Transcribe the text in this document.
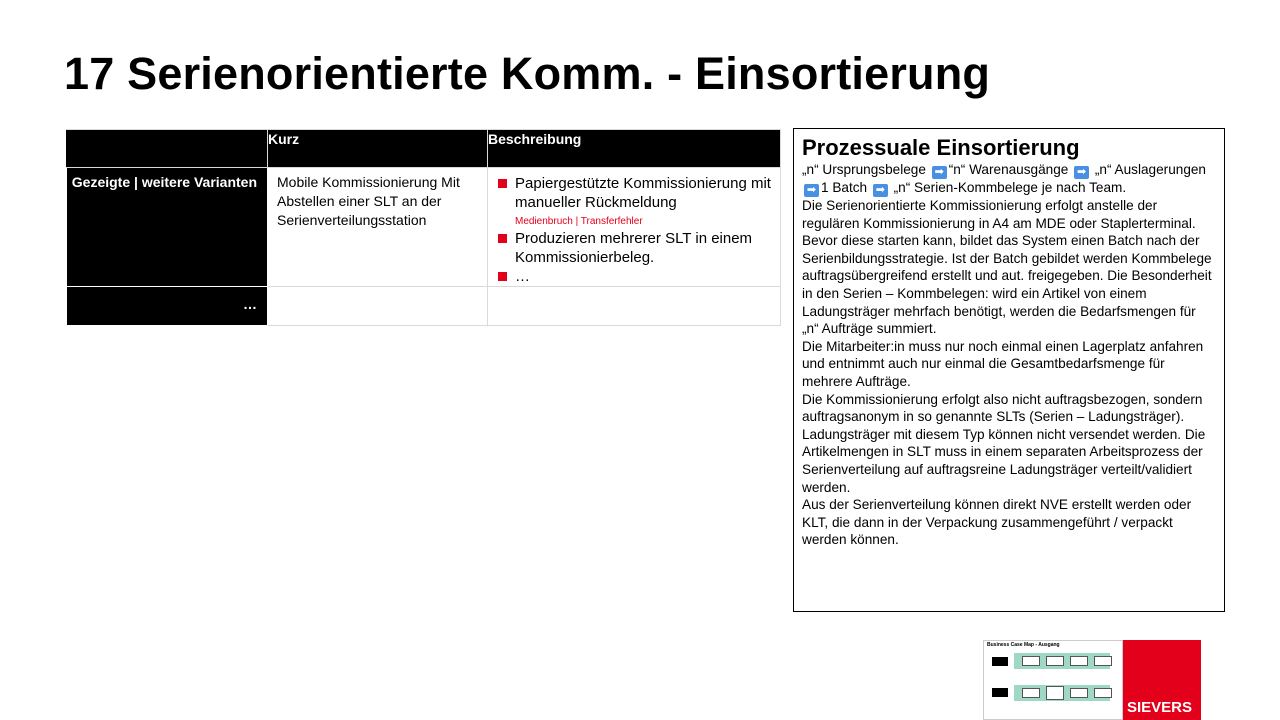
17 Serienorientierte Komm. - Einsortierung
	Kurz	Beschreibung
Gezeigte | weitere Varianten	Mobile Kommissionierung Mit Abstellen einer SLT an der Serienverteilungsstation	Papiergestützte Kommissionierung mit manueller Rückmeldung
Medienbruch | Transferfehler
Produzieren mehrerer SLT in einem Kommissionierbeleg.
…

…		
Prozessuale Einsortierung
„n“ Ursprungsbelege ➡ “n“ Warenausgänge ➡ „n“ Auslagerungen ➡ 1 Batch ➡ „n“ Serien-Kommbelege je nach Team.
Die Serienorientierte Kommissionierung erfolgt anstelle der regulären Kommissionierung in A4 am MDE oder Staplerterminal.
Bevor diese starten kann, bildet das System einen Batch nach der Serienbildungsstrategie. Ist der Batch gebildet werden Kommbelege auftragsübergreifend erstellt und aut. freigegeben. Die Besonderheit in den Serien – Kommbelegen: wird ein Artikel von einem Ladungsträger mehrfach benötigt, werden die Bedarfsmengen für „n“ Aufträge summiert.
Die Mitarbeiter:in muss nur noch einmal einen Lagerplatz anfahren und entnimmt auch nur einmal die Gesamtbedarfsmenge für mehrere Aufträge.
Die Kommissionierung erfolgt also nicht auftragsbezogen, sondern auftragsanonym in so genannte SLTs (Serien – Ladungsträger). Ladungsträger mit diesem Typ können nicht versendet werden. Die Artikelmengen in SLT muss in einem separaten Arbeitsprozess der Serienverteilung auf auftragsreine Ladungsträger verteilt/validiert werden.
Aus der Serienverteilung können direkt NVE erstellt werden oder KLT, die dann in der Verpackung zusammengeführt / verpackt werden können.
Business Case Map - Ausgang
SIEVERS
